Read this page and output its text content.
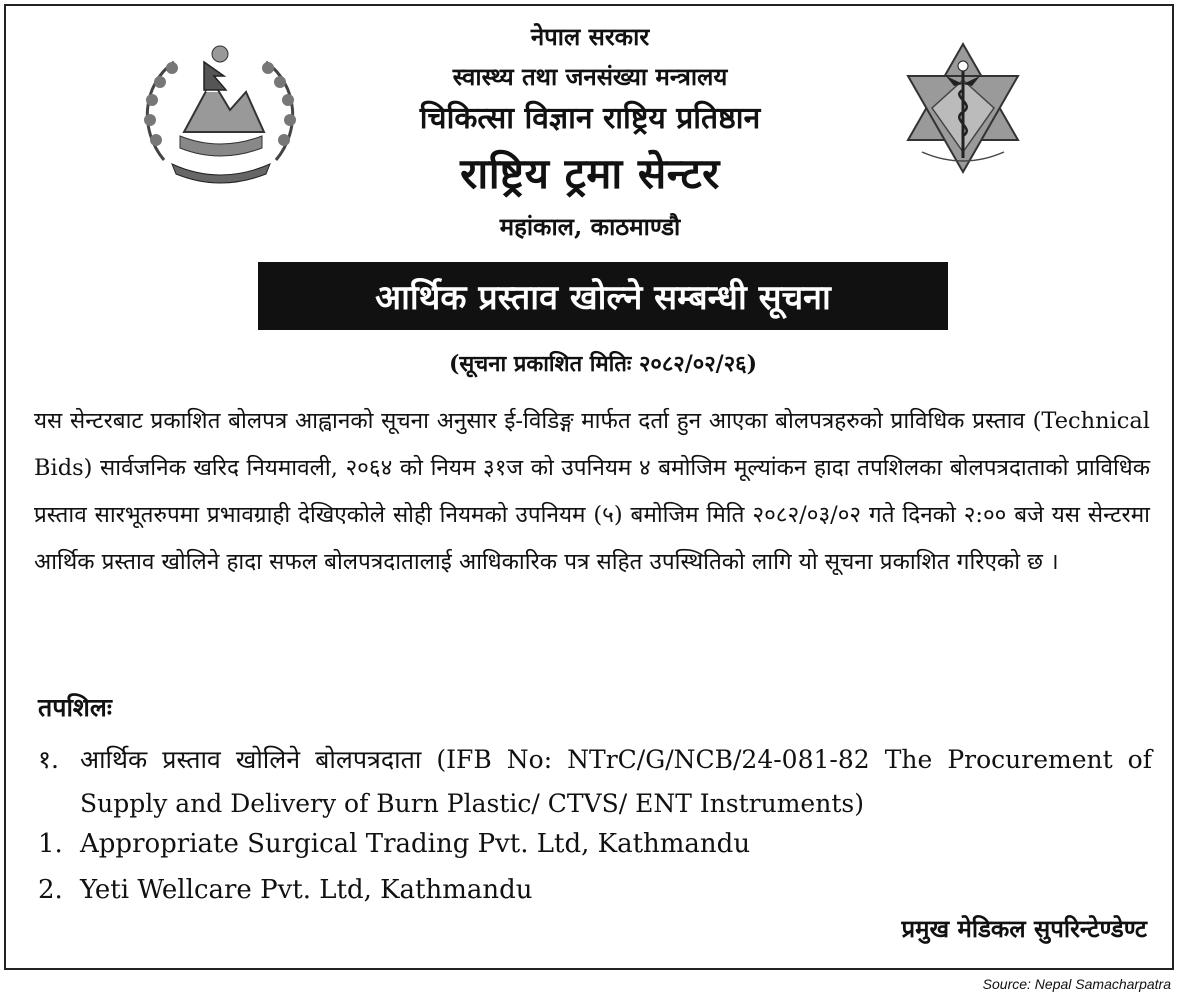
नेपाल सरकार
स्वास्थ्य तथा जनसंख्या मन्त्रालय
चिकित्सा विज्ञान राष्ट्रिय प्रतिष्ठान
राष्ट्रिय ट्रमा सेन्टर
महांकाल, काठमाण्डौ
आर्थिक प्रस्ताव खोल्ने सम्बन्धी सूचना
(सूचना प्रकाशित मितिः २०८२/०२/२६)
यस सेन्टरबाट प्रकाशित बोलपत्र आह्वानको सूचना अनुसार ई-विडिङ्ग मार्फत दर्ता हुन आएका बोलपत्रहरुको प्राविधिक प्रस्ताव (Technical Bids) सार्वजनिक खरिद नियमावली, २०६४ को नियम ३१ज को उपनियम ४ बमोजिम मूल्यांकन हादा तपशिलका बोलपत्रदाताको प्राविधिक प्रस्ताव सारभूतरुपमा प्रभावग्राही देखिएकोले सोही नियमको उपनियम (५) बमोजिम मिति २०८२/०३/०२ गते दिनको २:०० बजे यस सेन्टरमा आर्थिक प्रस्ताव खोलिने हादा सफल बोलपत्रदातालाई आधिकारिक पत्र सहित उपस्थितिको लागि यो सूचना प्रकाशित गरिएको छ ।
तपशिलः
१. आर्थिक प्रस्ताव खोलिने बोलपत्रदाता (IFB No: NTrC/G/NCB/24-081-82 The Procurement of Supply and Delivery of Burn Plastic/ CTVS/ ENT Instruments)
1. Appropriate Surgical Trading Pvt. Ltd, Kathmandu
2. Yeti Wellcare Pvt. Ltd, Kathmandu
प्रमुख मेडिकल सुपरिन्टेण्डेण्ट
Source: Nepal Samacharpatra
